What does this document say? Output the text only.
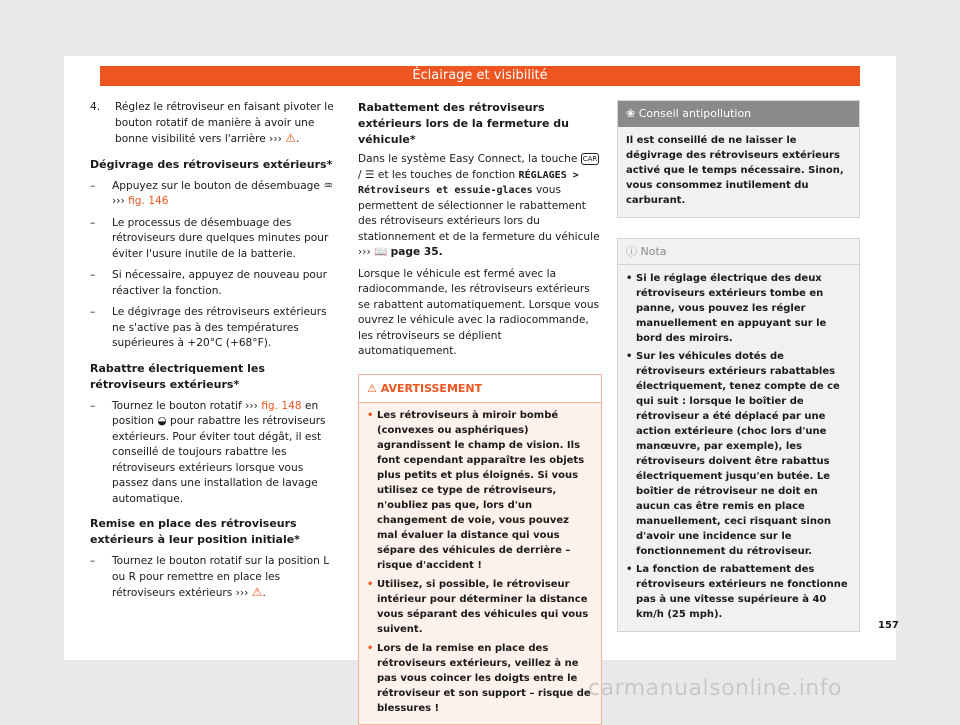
Éclairage et visibilité

4. Réglez le rétroviseur en faisant pivoter le bouton rotatif de manière à avoir une bonne visibilité vers l'arrière ››› ⚠.

Dégivrage des rétroviseurs extérieurs*

– Appuyez sur le bouton de désembuage ♒
››› fig. 146

– Le processus de désembuage des rétroviseurs dure quelques minutes pour éviter l'usure inutile de la batterie.

– Si nécessaire, appuyez de nouveau pour réactiver la fonction.

– Le dégivrage des rétroviseurs extérieurs ne s'active pas à des températures supérieures à +20°C (+68°F).

Rabattre électriquement les rétroviseurs extérieurs*

– Tournez le bouton rotatif ››› fig. 148 en position ◒ pour rabattre les rétroviseurs extérieurs. Pour éviter tout dégât, il est conseillé de toujours rabattre les rétroviseurs extérieurs lorsque vous passez dans une installation de lavage automatique.

Remise en place des rétroviseurs extérieurs à leur position initiale*

– Tournez le bouton rotatif sur la position L ou R pour remettre en place les rétroviseurs extérieurs ››› ⚠.

Rabattement des rétroviseurs extérieurs lors de la fermeture du véhicule*

Dans le système Easy Connect, la touche CAR/ ☰ et les touches de fonction RÉGLAGES > Rétroviseurs et essuie-glaces vous permettent de sélectionner le rabattement des rétroviseurs extérieurs lors du stationnement et de la fermeture du véhicule ››› 📖 page 35.

Lorsque le véhicule est fermé avec la radiocommande, les rétroviseurs extérieurs se rabattent automatiquement. Lorsque vous ouvrez le véhicule avec la radiocommande, les rétroviseurs se déplient automatiquement.

⚠ AVERTISSEMENT

• Les rétroviseurs à miroir bombé (convexes ou asphériques) agrandissent le champ de vision. Ils font cependant apparaître les objets plus petits et plus éloignés. Si vous utilisez ce type de rétroviseurs, n'oubliez pas que, lors d'un changement de voie, vous pouvez mal évaluer la distance qui vous sépare des véhicules de derrière – risque d'accident !

• Utilisez, si possible, le rétroviseur intérieur pour déterminer la distance vous séparant des véhicules qui vous suivent.

• Lors de la remise en place des rétroviseurs extérieurs, veillez à ne pas vous coincer les doigts entre le rétroviseur et son support – risque de blessures !

❀ Conseil antipollution
Il est conseillé de ne laisser le dégivrage des rétroviseurs extérieurs activé que le temps nécessaire. Sinon, vous consommez inutilement du carburant.
ⓘ Nota

• Si le réglage électrique des deux rétroviseurs extérieurs tombe en panne, vous pouvez les régler manuellement en appuyant sur le bord des miroirs.

• Sur les véhicules dotés de rétroviseurs extérieurs rabattables électriquement, tenez compte de ce qui suit : lorsque le boîtier de rétroviseur a été déplacé par une action extérieure (choc lors d'une manœuvre, par exemple), les rétroviseurs doivent être rabattus électriquement jusqu'en butée. Le boîtier de rétroviseur ne doit en aucun cas être remis en place manuellement, ceci risquant sinon d'avoir une incidence sur le fonctionnement du rétroviseur.

• La fonction de rabattement des rétroviseurs extérieurs ne fonctionne pas à une vitesse supérieure à 40 km/h (25 mph).

157
carmanualsonline.info
